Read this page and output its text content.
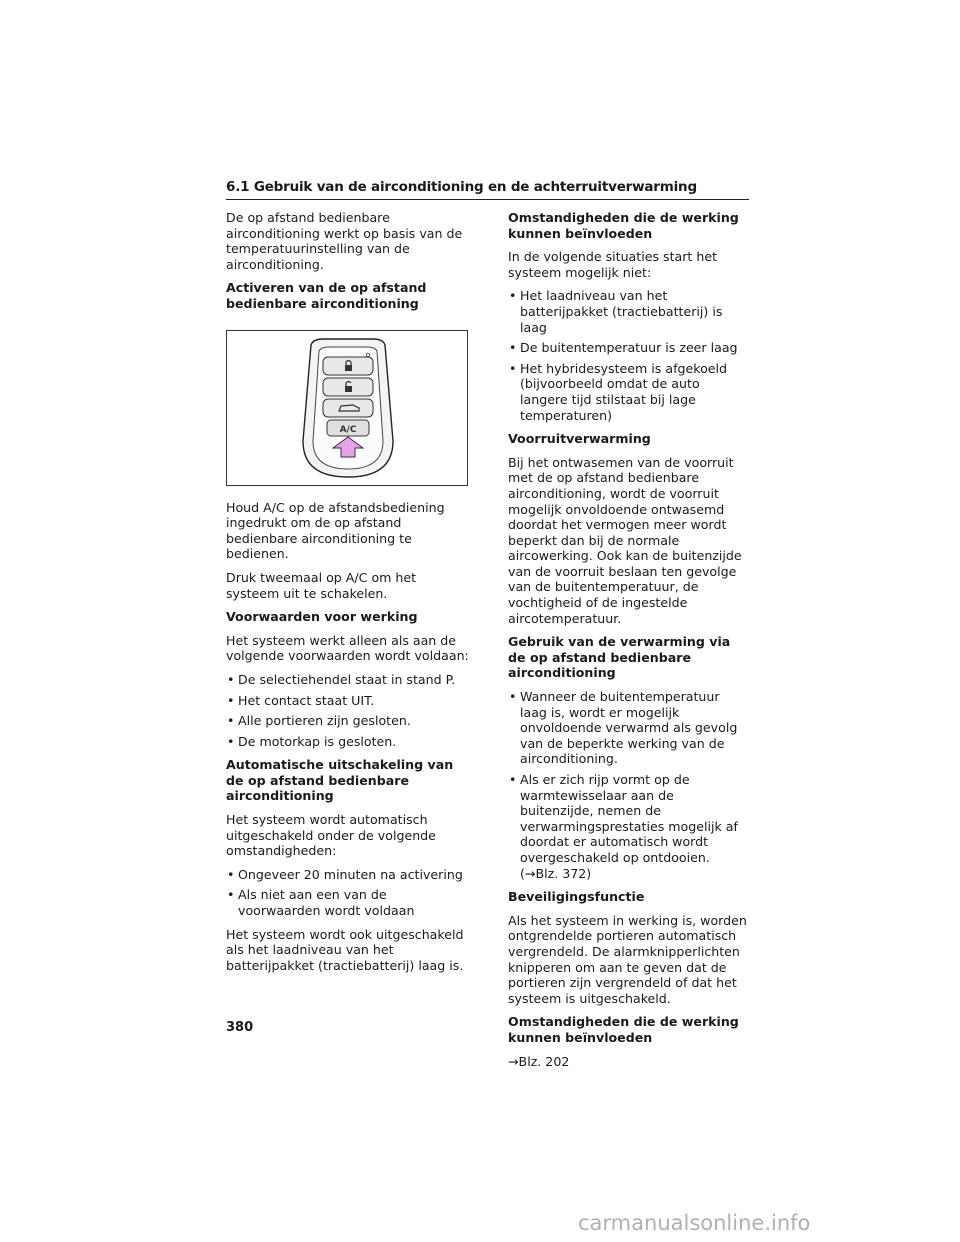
6.1 Gebruik van de airconditioning en de achterruitverwarming

De op afstand bedienbare airconditioning werkt op basis van de temperatuurinstelling van de airconditioning.

Activeren van de op afstand bedienbare airconditioning
A/C

Houd A/C op de afstandsbediening ingedrukt om de op afstand bedienbare airconditioning te bedienen.

Druk tweemaal op A/C om het systeem uit te schakelen.

Voorwaarden voor werking

Het systeem werkt alleen als aan de volgende voorwaarden wordt voldaan:

• De selectiehendel staat in stand P.
• Het contact staat UIT.
• Alle portieren zijn gesloten.
• De motorkap is gesloten.
Automatische uitschakeling van de op afstand bedienbare airconditioning

Het systeem wordt automatisch uitgeschakeld onder de volgende omstandigheden:

• Ongeveer 20 minuten na activering
• Als niet aan een van de voorwaarden wordt voldaan

Het systeem wordt ook uitgeschakeld als het laadniveau van het batterijpakket (tractiebatterij) laag is.

Omstandigheden die de werking kunnen beïnvloeden

In de volgende situaties start het systeem mogelijk niet:

• Het laadniveau van het batterijpakket (tractiebatterij) is laag
• De buitentemperatuur is zeer laag
• Het hybridesysteem is afgekoeld (bijvoorbeeld omdat de auto langere tijd stilstaat bij lage temperaturen)
Voorruitverwarming

Bij het ontwasemen van de voorruit met de op afstand bedienbare airconditioning, wordt de voorruit mogelijk onvoldoende ontwasemd doordat het vermogen meer wordt beperkt dan bij de normale aircowerking. Ook kan de buitenzijde van de voorruit beslaan ten gevolge van de buitentemperatuur, de vochtigheid of de ingestelde aircotemperatuur.

Gebruik van de verwarming via de op afstand bedienbare airconditioning
• Wanneer de buitentemperatuur laag is, wordt er mogelijk onvoldoende verwarmd als gevolg van de beperkte werking van de airconditioning.
• Als er zich rijp vormt op de warmtewisselaar aan de buitenzijde, nemen de verwarmingsprestaties mogelijk af doordat er automatisch wordt overgeschakeld op ontdooien. (→Blz. 372)
Beveiligingsfunctie

Als het systeem in werking is, worden ontgrendelde portieren automatisch vergrendeld. De alarmknipperlichten knipperen om aan te geven dat de portieren zijn vergrendeld of dat het systeem is uitgeschakeld.

Omstandigheden die de werking kunnen beïnvloeden

→Blz. 202

380
carmanualsonline.info
